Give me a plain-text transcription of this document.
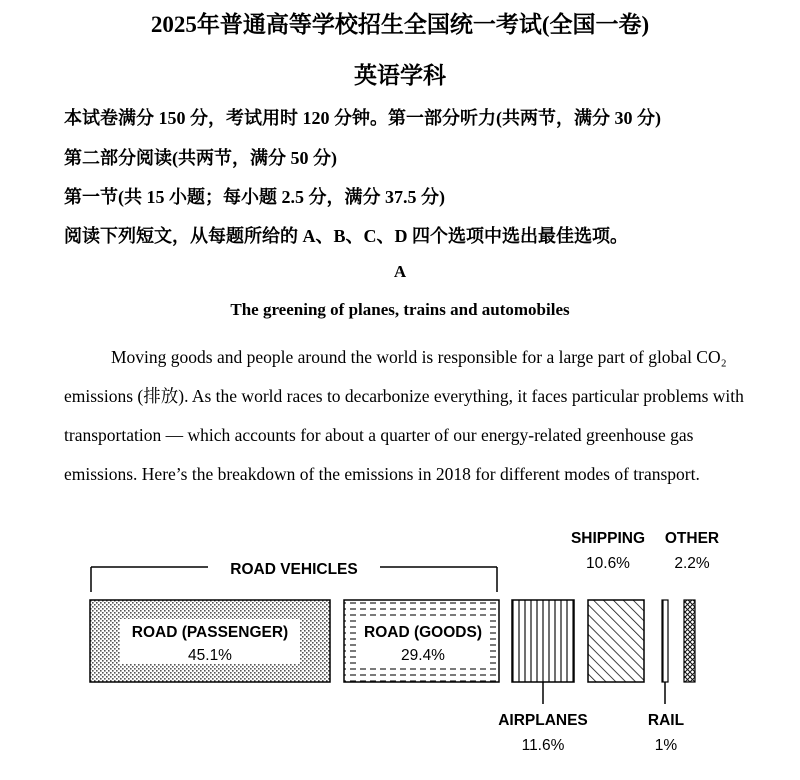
2025年普通高等学校招生全国统一考试(全国一卷)
英语学科
本试卷满分 150 分，考试用时 120 分钟。第一部分听力(共两节，满分 30 分)
第二部分阅读(共两节，满分 50 分)
第一节(共 15 小题；每小题 2.5 分，满分 37.5 分)
阅读下列短文，从每题所给的 A、B、C、D 四个选项中选出最佳选项。
A
The greening of planes, trains and automobiles

Moving goods and people around the world is responsible for a large part of global CO₂ emissions (排放). As the world races to decarbonize everything, it faces particular problems with transportation — which accounts for about a quarter of our energy-related greenhouse gas emissions. Here’s the breakdown of the emissions in 2018 for different modes of transport.

ROAD VEHICLES
ROAD (PASSENGER)
45.1%
ROAD (GOODS)
29.4%
SHIPPING
10.6%
OTHER
2.2%
AIRPLANES
11.6%
RAIL
1%
